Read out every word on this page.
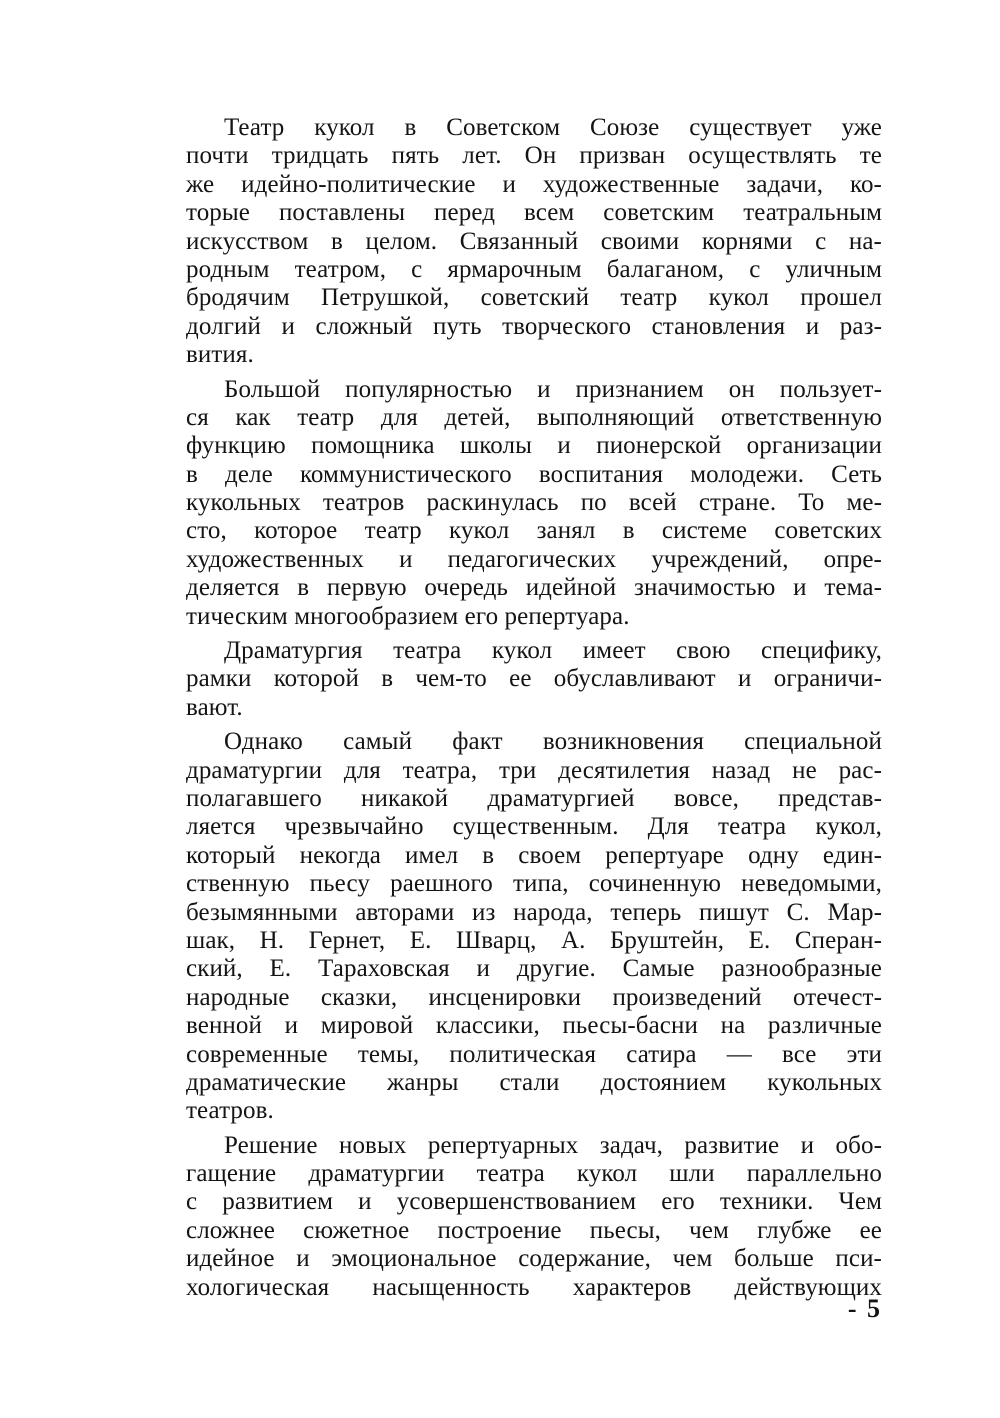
Театр кукол в Советском Союзе существует уже
почти тридцать пять лет. Он призван осуществлять те
же идейно-политические и художественные задачи, ко-
торые поставлены перед всем советским театральным
искусством в целом. Связанный своими корнями с на-
родным театром, с ярмарочным балаганом, с уличным
бродячим Петрушкой, советский театр кукол прошел
долгий и сложный путь творческого становления и раз-
вития.
Большой популярностью и признанием он пользует-
ся как театр для детей, выполняющий ответственную
функцию помощника школы и пионерской организации
в деле коммунистического воспитания молодежи. Сеть
кукольных театров раскинулась по всей стране. То ме-
сто, которое театр кукол занял в системе советских
художественных и педагогических учреждений, опре-
деляется в первую очередь идейной значимостью и тема-
тическим многообразием его репертуара.
Драматургия театра кукол имеет свою специфику,
рамки которой в чем-то ее обуславливают и ограничи-
вают.
Однако самый факт возникновения специальной
драматургии для театра, три десятилетия назад не рас-
полагавшего никакой драматургией вовсе, представ-
ляется чрезвычайно существенным. Для театра кукол,
который некогда имел в своем репертуаре одну един-
ственную пьесу раешного типа, сочиненную неведомыми,
безымянными авторами из народа, теперь пишут С. Мар-
шак, Н. Гернет, Е. Шварц, А. Бруштейн, Е. Сперан-
ский, Е. Тараховская и другие. Самые разнообразные
народные сказки, инсценировки произведений отечест-
венной и мировой классики, пьесы-басни на различные
современные темы, политическая сатира — все эти
драматические жанры стали достоянием кукольных
театров.
Решение новых репертуарных задач, развитие и обо-
гащение драматургии театра кукол шли параллельно
с развитием и усовершенствованием его техники. Чем
сложнее сюжетное построение пьесы, чем глубже ее
идейное и эмоциональное содержание, чем больше пси-
хологическая насыщенность характеров действующих
- 5
